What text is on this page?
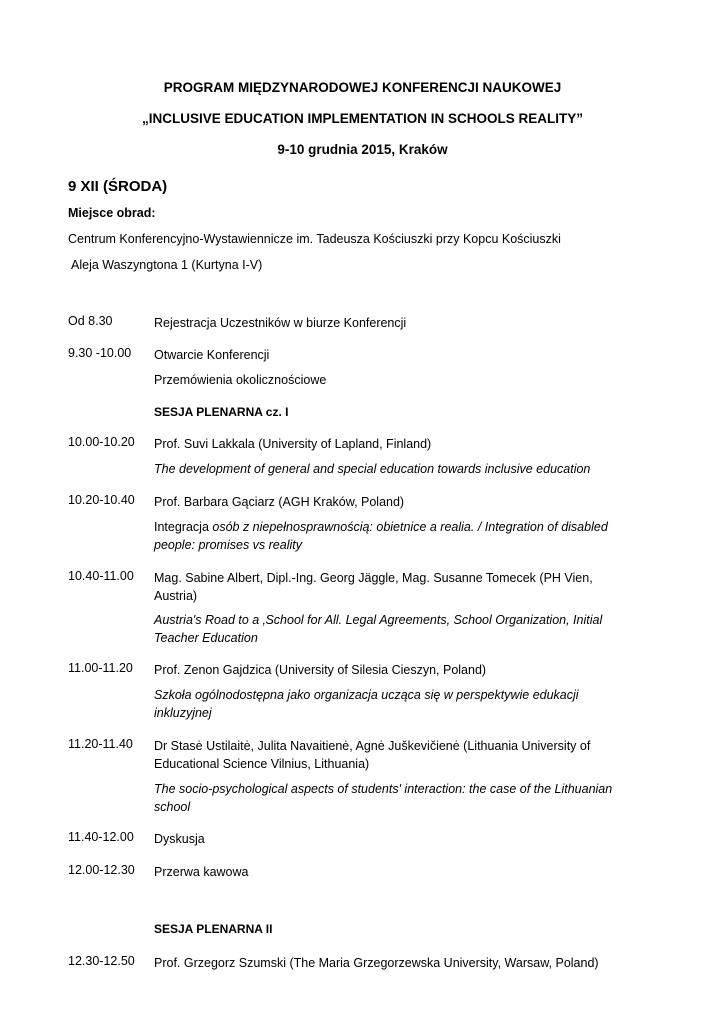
PROGRAM MIĘDZYNARODOWEJ KONFERENCJI NAUKOWEJ
„INCLUSIVE EDUCATION IMPLEMENTATION IN SCHOOLS REALITY”
9-10 grudnia 2015, Kraków
9 XII (ŚRODA)
Miejsce obrad:
Centrum Konferencyjno-Wystawiennicze im. Tadeusza Kościuszki przy Kopcu Kościuszki
Aleja Waszyngtona 1 (Kurtyna I-V)
Od 8.30	Rejestracja Uczestników w biurze Konferencji
9.30 -10.00	Otwarcie Konferencji
Przemówienia okolicznościowe
SESJA PLENARNA cz. I
10.00-10.20	Prof. Suvi Lakkala (University of Lapland, Finland)
The development of general and special education towards inclusive education
10.20-10.40	Prof. Barbara Gąciarz (AGH Kraków, Poland)
Integracja osób z niepełnosprawnością: obietnice a realia. / Integration of disabled people: promises vs reality
10.40-11.00	Mag. Sabine Albert, Dipl.-Ing. Georg Jäggle, Mag. Susanne Tomecek (PH Vien, Austria)
Austria's Road to a ‚School for All. Legal Agreements, School Organization, Initial Teacher Education
11.00-11.20	Prof. Zenon Gajdzica (University of Silesia Cieszyn, Poland)
Szkoła ogólnodostępna jako organizacja ucząca się w perspektywie edukacji inkluzyjnej
11.20-11.40	Dr Stasė Ustilaitė, Julita Navaitienė, Agnė Juškevičienė (Lithuania University of Educational Science Vilnius, Lithuania)
The socio-psychological aspects of students' interaction: the case of the Lithuanian school
11.40-12.00	Dyskusja
12.00-12.30	Przerwa kawowa
SESJA PLENARNA II
12.30-12.50	Prof. Grzegorz Szumski (The Maria Grzegorzewska University, Warsaw, Poland)
